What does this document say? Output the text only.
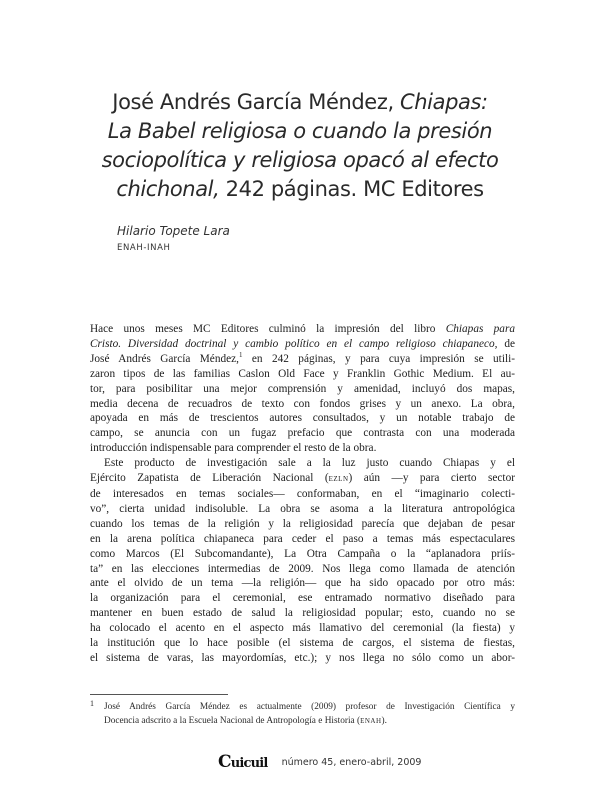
José Andrés García Méndez, Chiapas:
La Babel religiosa o cuando la presión
sociopolítica y religiosa opacó al efecto
chichonal, 242 páginas. MC Editores
Hilario Topete Lara
ENAH-INAH

Hace unos meses MC Editores culminó la impresión del libro Chiapas para
Cristo. Diversidad doctrinal y cambio político en el campo religioso chiapaneco, de
José Andrés García Méndez,$^1$ en 242 páginas, y para cuya impresión se utili-
zaron tipos de las familias Caslon Old Face y Franklin Gothic Medium. El au-
tor, para posibilitar una mejor comprensión y amenidad, incluyó dos mapas,
media decena de recuadros de texto con fondos grises y un anexo. La obra,
apoyada en más de trescientos autores consultados, y un notable trabajo de
campo, se anuncia con un fugaz prefacio que contrasta con una moderada
introducción indispensable para comprender el resto de la obra.

Este producto de investigación sale a la luz justo cuando Chiapas y el
Ejército Zapatista de Liberación Nacional (ezln) aún —y para cierto sector
de interesados en temas sociales— conformaban, en el “imaginario colecti-
vo”, cierta unidad indisoluble. La obra se asoma a la literatura antropológica
cuando los temas de la religión y la religiosidad parecía que dejaban de pesar
en la arena política chiapaneca para ceder el paso a temas más espectaculares
como Marcos (El Subcomandante), La Otra Campaña o la “aplanadora priís-
ta” en las elecciones intermedias de 2009. Nos llega como llamada de atención
ante el olvido de un tema —la religión— que ha sido opacado por otro más:
la organización para el ceremonial, ese entramado normativo diseñado para
mantener en buen estado de salud la religiosidad popular; esto, cuando no se
ha colocado el acento en el aspecto más llamativo del ceremonial (la fiesta) y
la institución que lo hace posible (el sistema de cargos, el sistema de fiestas,
el sistema de varas, las mayordomías, etc.); y nos llega no sólo como un abor-

1	José Andrés García Méndez es actualmente (2009) profesor de Investigación Científica y
Docencia adscrito a la Escuela Nacional de Antropología e Historia (enah).
Cuicuil número 45, enero-abril, 2009
